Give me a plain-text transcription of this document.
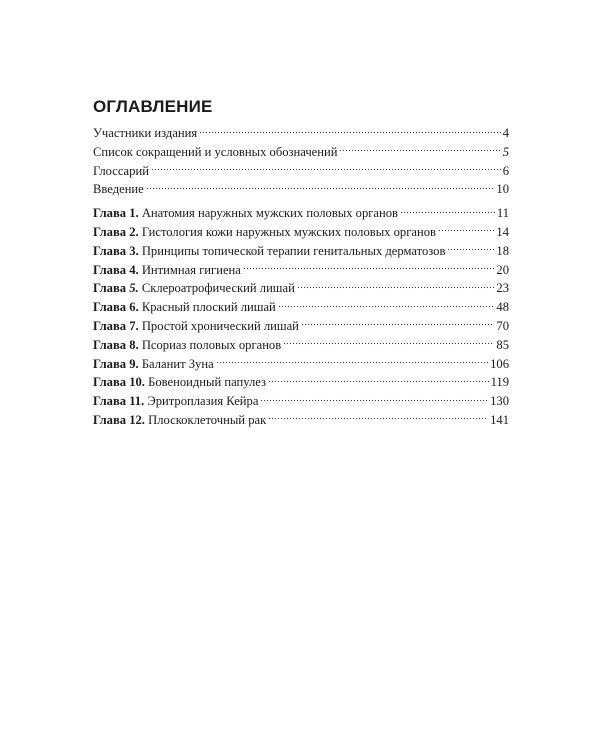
ОГЛАВЛЕНИЕ
Участники издания	4
Список сокращений и условных обозначений	5
Глоссарий	6
Введение	10
Глава 1. Анатомия наружных мужских половых органов	11
Глава 2. Гистология кожи наружных мужских половых органов	14
Глава 3. Принципы топической терапии генитальных дерматозов	18
Глава 4. Интимная гигиена	20
Глава 5. Склероатрофический лишай	23
Глава 6. Красный плоский лишай	48
Глава 7. Простой хронический лишай	70
Глава 8. Псориаз половых органов	85
Глава 9. Баланит Зуна	106
Глава 10. Бовеноидный папулез	119
Глава 11. Эритроплазия Кейра	130
Глава 12. Плоскоклеточный рак	141
